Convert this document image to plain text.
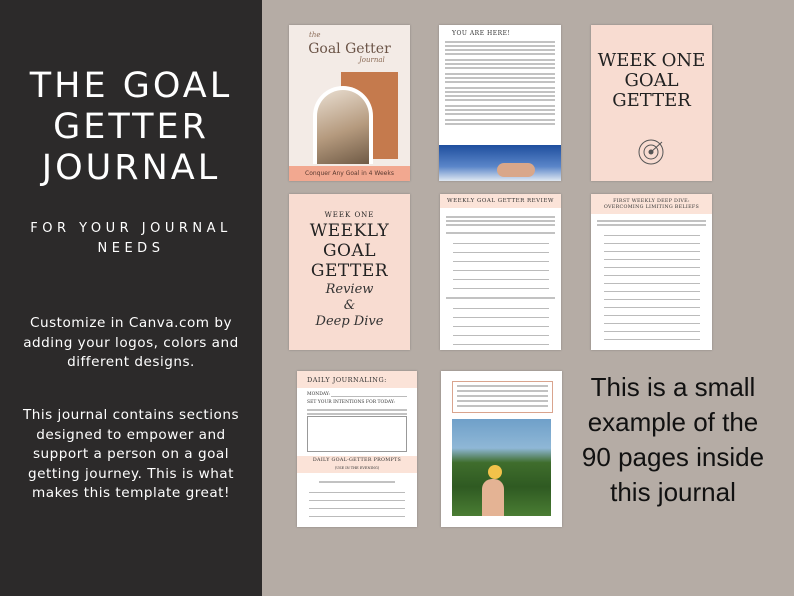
THE GOAL GETTER JOURNAL
FOR YOUR JOURNAL NEEDS
Customize in Canva.com by adding your logos, colors and different designs.
This journal contains sections designed to empower and support a person on a goal getting journey. This is what makes this template great!
the
Goal Getter
Journal
Conquer Any Goal in 4 Weeks
YOU ARE HERE!
WEEK ONE GOAL GETTER
WEEK ONE
WEEKLY GOAL GETTER
Review
&
Deep Dive
WEEKLY GOAL GETTER REVIEW	FIRST WEEKLY DEEP DIVE: OVERCOMING LIMITING BELIEFS
DAILY JOURNALING:
MONDAY:
SET YOUR INTENTIONS FOR TODAY:
DAILY GOAL-GETTER PROMPTS
(USE IN THE EVENING)
This is a small example of the 90 pages inside this journal
